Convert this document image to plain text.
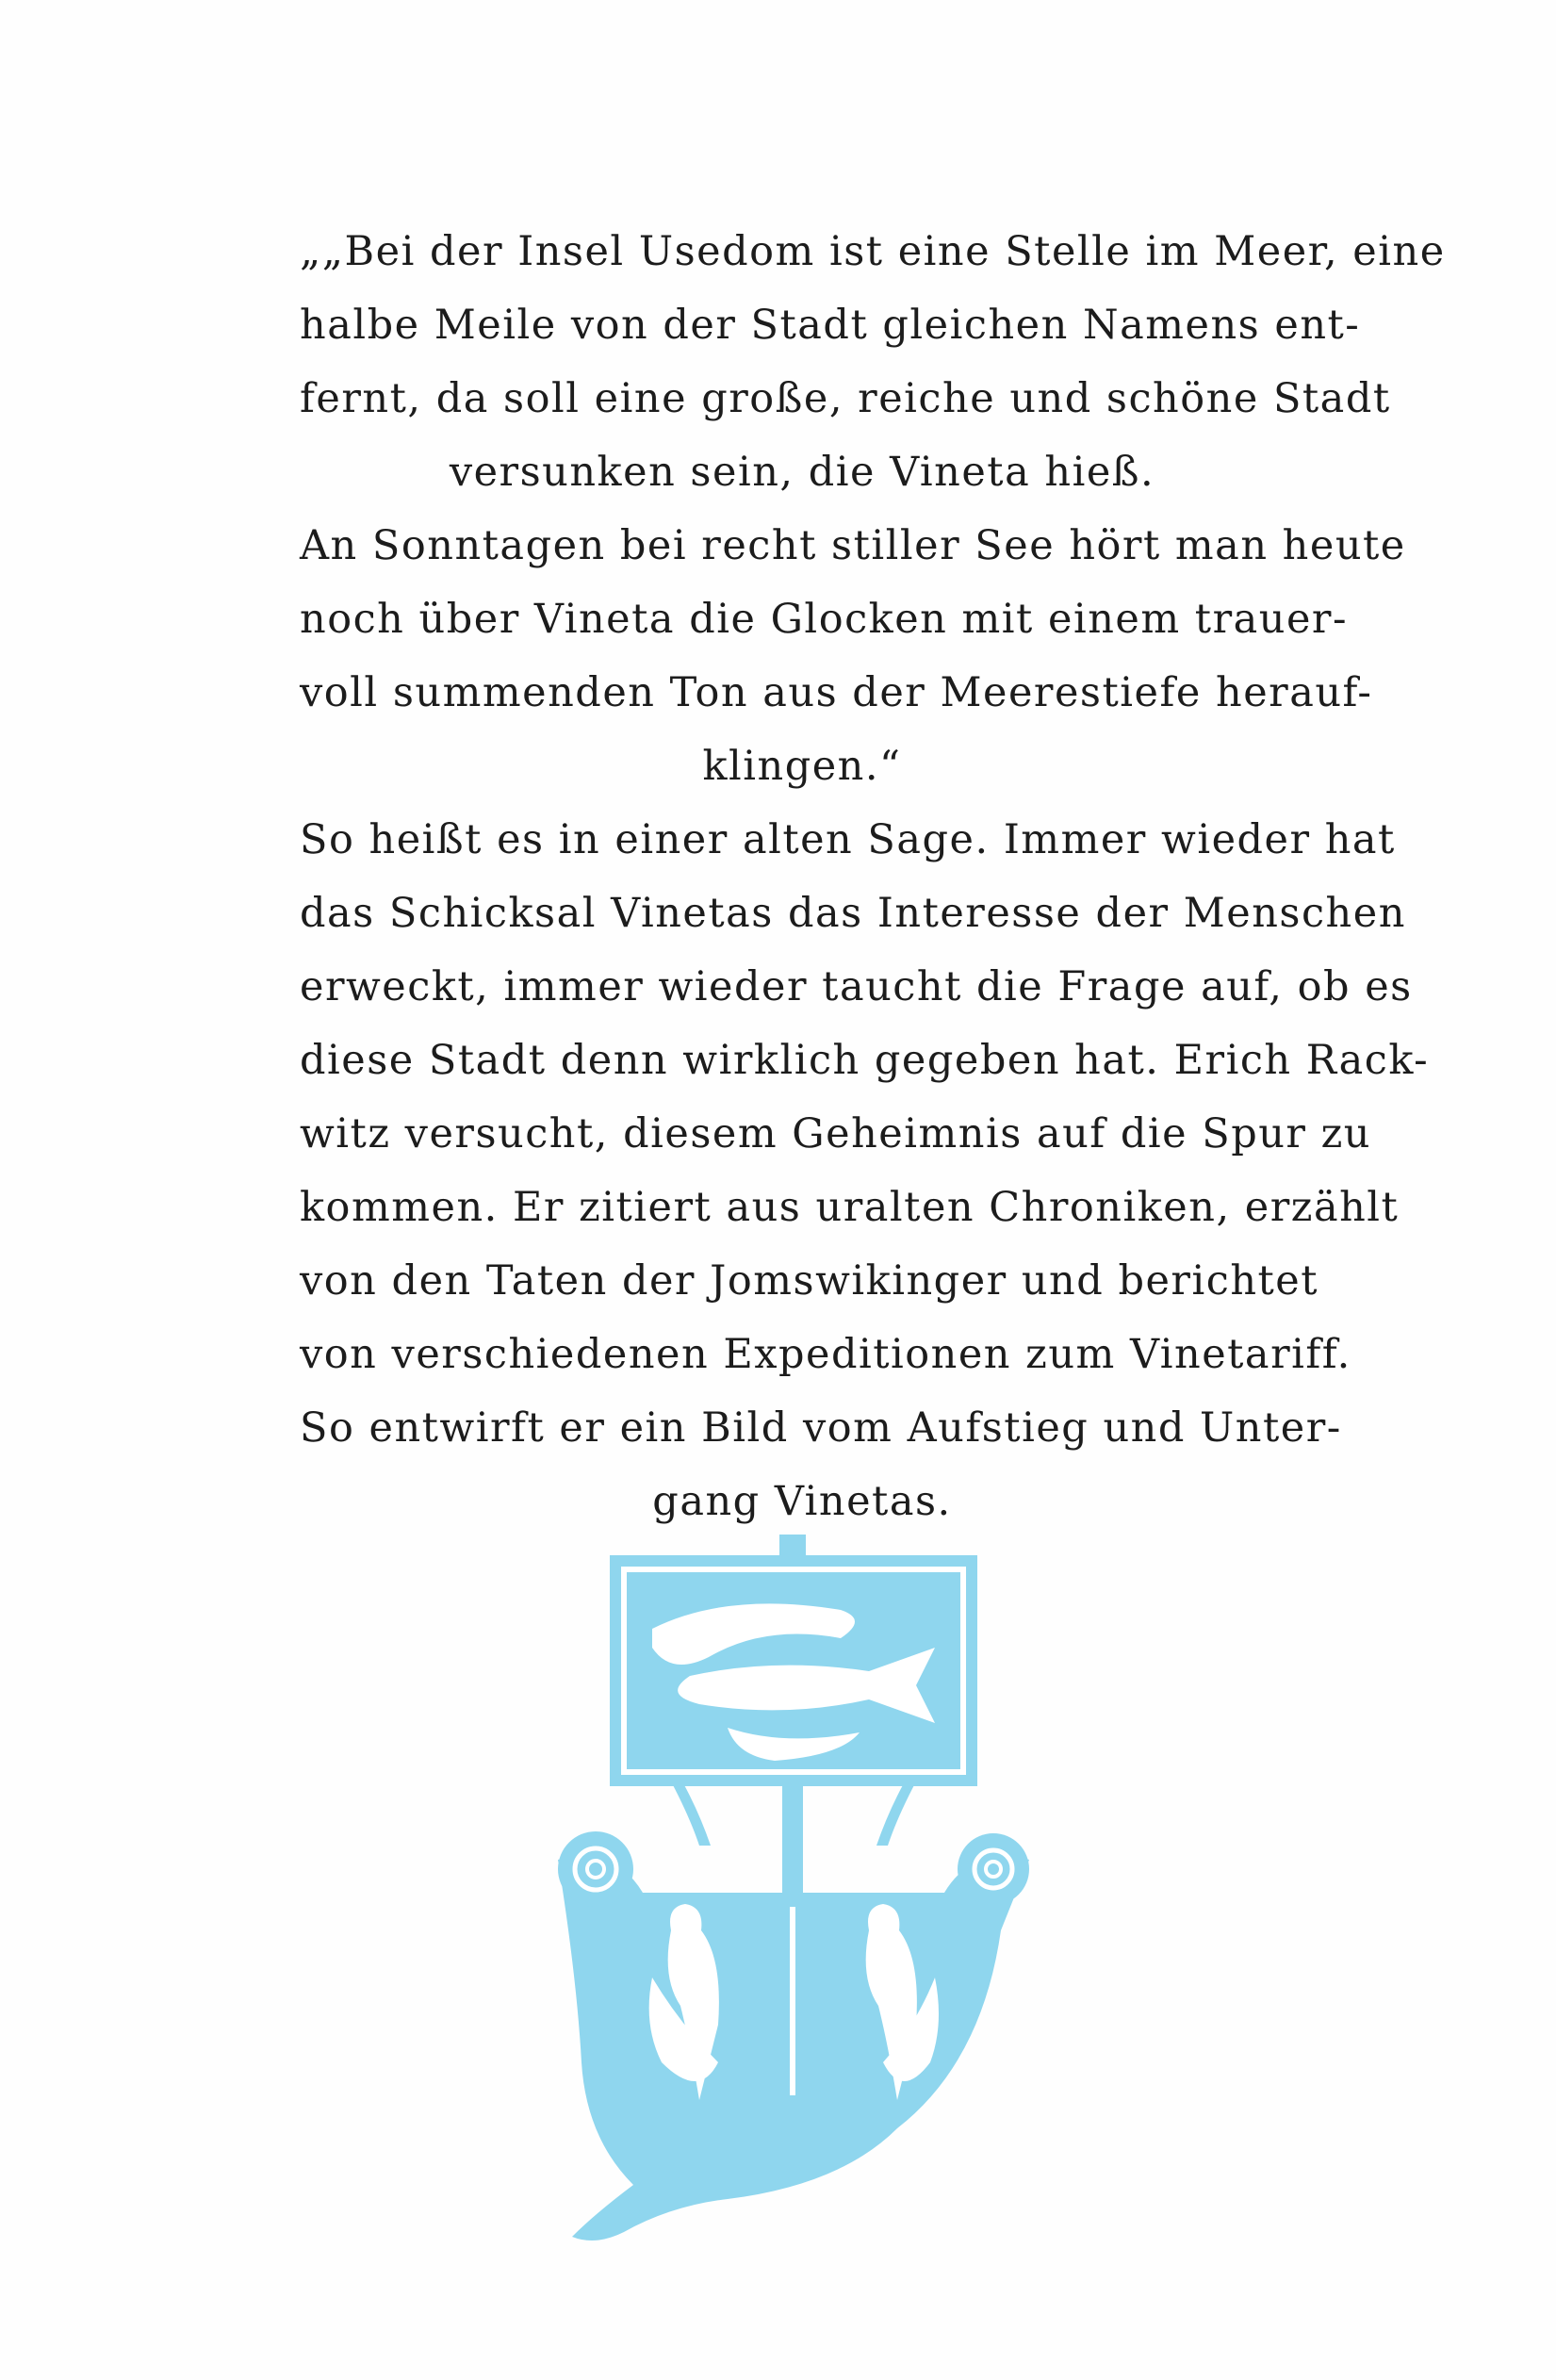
„„Bei der Insel Usedom ist eine Stelle im Meer, eine
halbe Meile von der Stadt gleichen Namens ent-
fernt, da soll eine große, reiche und schöne Stadt
versunken sein, die Vineta hieß.
An Sonntagen bei recht stiller See hört man heute
noch über Vineta die Glocken mit einem trauer-
voll summenden Ton aus der Meerestiefe herauf-
klingen.“
So heißt es in einer alten Sage. Immer wieder hat
das Schicksal Vinetas das Interesse der Menschen
erweckt, immer wieder taucht die Frage auf, ob es
diese Stadt denn wirklich gegeben hat. Erich Rack-
witz versucht, diesem Geheimnis auf die Spur zu
kommen. Er zitiert aus uralten Chroniken, erzählt
von den Taten der Jomswikinger und berichtet
von verschiedenen Expeditionen zum Vinetariff.
So entwirft er ein Bild vom Aufstieg und Unter-
gang Vinetas.
